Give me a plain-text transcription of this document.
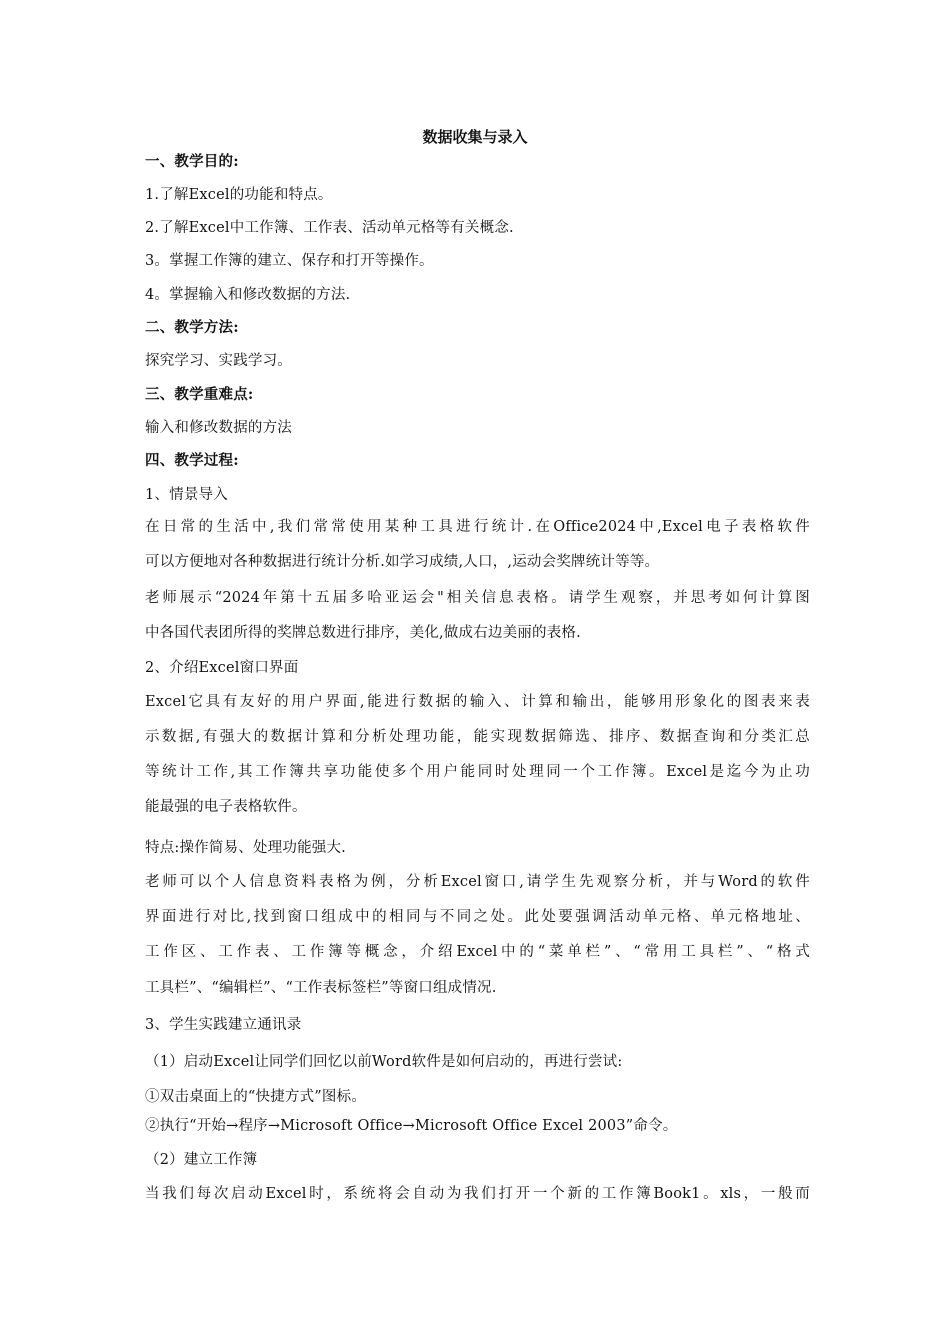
数据收集与录入
一、教学目的:
1.了解Excel的功能和特点。
2.了解Excel中工作簿、工作表、活动单元格等有关概念.
3。掌握工作簿的建立、保存和打开等操作。
4。掌握输入和修改数据的方法.
二、教学方法:
探究学习、实践学习。
三、教学重难点:
输入和修改数据的方法
四、教学过程:
1、情景导入
在日常的生活中,我们常常使用某种工具进行统计.在Office2024中,Excel电子表格软件
可以方便地对各种数据进行统计分析.如学习成绩,人口，,运动会奖牌统计等等。
老师展示“2024年第十五届多哈亚运会"相关信息表格。请学生观察，并思考如何计算图
中各国代表团所得的奖牌总数进行排序，美化,做成右边美丽的表格.
2、介绍Excel窗口界面
Excel它具有友好的用户界面,能进行数据的输入、计算和输出，能够用形象化的图表来表
示数据,有强大的数据计算和分析处理功能，能实现数据筛选、排序、数据查询和分类汇总
等统计工作,其工作簿共享功能使多个用户能同时处理同一个工作簿。Excel是迄今为止功
能最强的电子表格软件。
特点:操作简易、处理功能强大.
老师可以个人信息资料表格为例，分析Excel窗口,请学生先观察分析，并与Word的软件
界面进行对比,找到窗口组成中的相同与不同之处。此处要强调活动单元格、单元格地址、
工作区、工作表、工作簿等概念，介绍Excel中的“菜单栏”、“常用工具栏”、“格式
工具栏”、“编辑栏”、“工作表标签栏”等窗口组成情况.
3、学生实践建立通讯录
（1）启动Excel让同学们回忆以前Word软件是如何启动的，再进行尝试:
①双击桌面上的“快捷方式”图标。
②执行“开始→程序→Microsoft Office→Microsoft Office Excel 2003”命令。
（2）建立工作簿
当我们每次启动Excel时，系统将会自动为我们打开一个新的工作簿Book1。xls，一般而
